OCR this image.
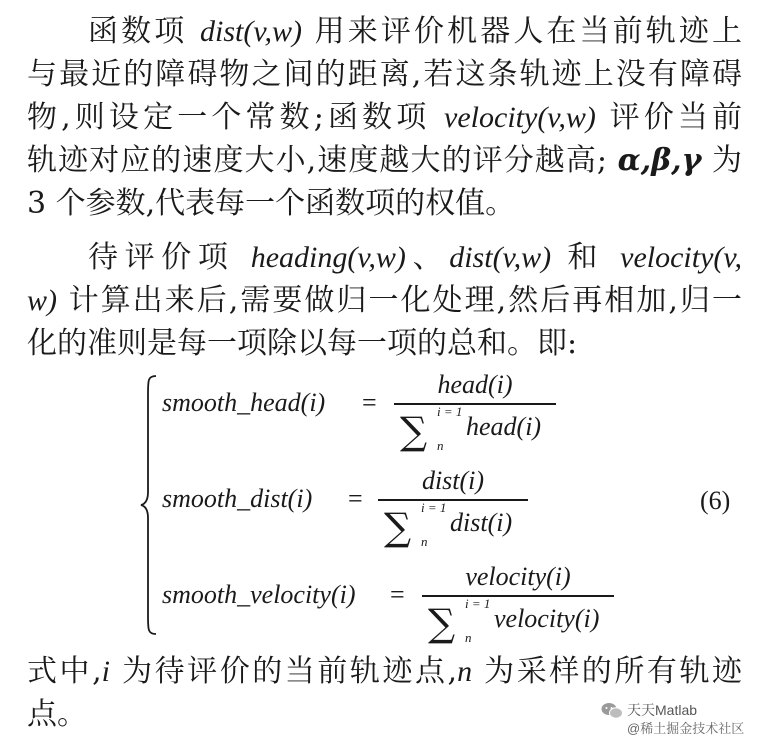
函数项 dist(v,w) 用来评价机器人在当前轨迹上
与最近的障碍物之间的距离,若这条轨迹上没有障碍
物,则设定一个常数;函数项 velocity(v,w) 评价当前
轨迹对应的速度大小,速度越大的评分越高; α,β,γ 为
3 个参数,代表每一个函数项的权值。
待评价项 heading(v,w)、dist(v,w) 和 velocity(v,
w) 计算出来后,需要做归一化处理,然后再相加,归一
化的准则是每一项除以每一项的总和。即:
smooth_head(i) =
head(i)
∑ i = 1
n
head(i)
smooth_dist(i) =
dist(i)
∑ i = 1
n
dist(i)
smooth_velocity(i) =
velocity(i)
∑ i = 1
n
velocity(i)
(6)
式中,i 为待评价的当前轨迹点,n 为采样的所有轨迹
点。	天天Matlab
@稀土掘金技术社区
